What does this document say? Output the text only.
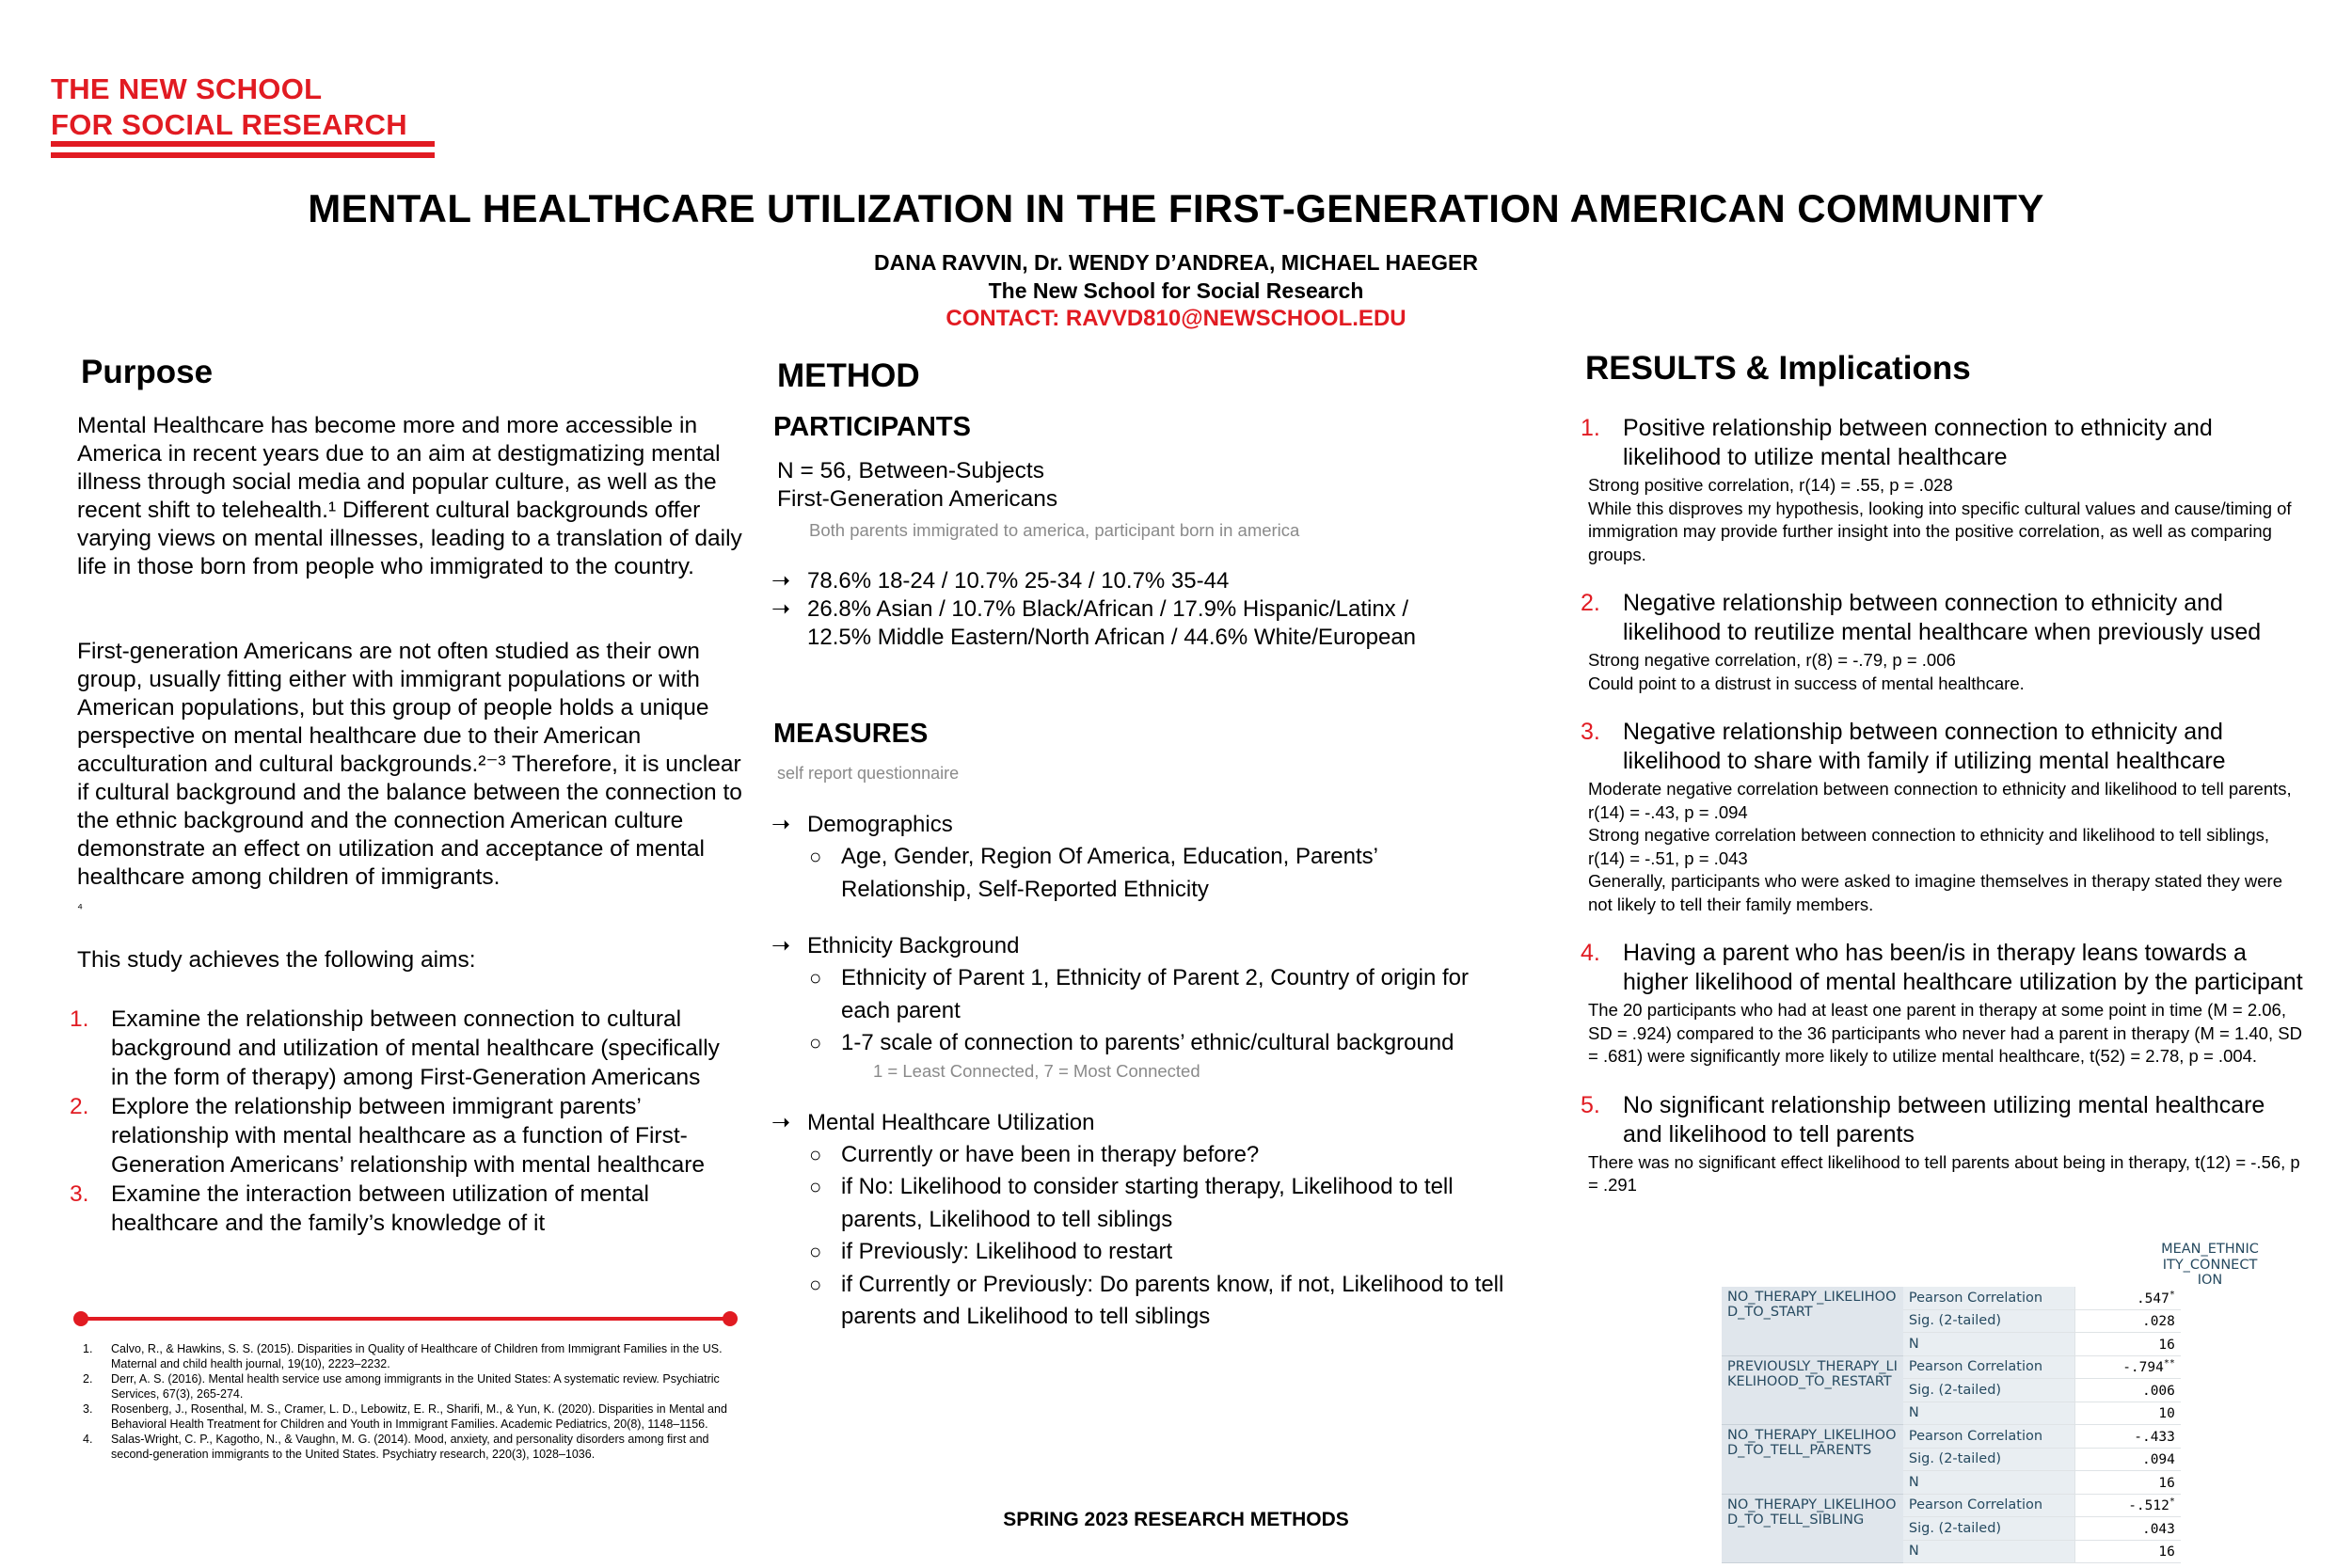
THE NEW SCHOOL
FOR SOCIAL RESEARCH
MENTAL HEALTHCARE UTILIZATION IN THE FIRST-GENERATION AMERICAN COMMUNITY
DANA RAVVIN, Dr. WENDY D’ANDREA, MICHAEL HAEGER
The New School for Social Research
CONTACT: RAVVD810@NEWSCHOOL.EDU
Purpose
Mental Healthcare has become more and more accessible in America in recent years due to an aim at destigmatizing mental illness through social media and popular culture, as well as the recent shift to telehealth.¹ Different cultural backgrounds offer varying views on mental illnesses, leading to a translation of daily life in those born from people who immigrated to the country.
First-generation Americans are not often studied as their own group, usually fitting either with immigrant populations or with American populations, but this group of people holds a unique perspective on mental healthcare due to their American acculturation and cultural backgrounds.²⁻³ Therefore, it is unclear if cultural background and the balance between the connection to the ethnic background and the connection American culture demonstrate an effect on utilization and acceptance of mental healthcare among children of immigrants.
⁴
This study achieves the following aims:
1. Examine the relationship between connection to cultural background and utilization of mental healthcare (specifically in the form of therapy) among First-Generation Americans
2. Explore the relationship between immigrant parents’ relationship with mental healthcare as a function of First-Generation Americans’ relationship with mental healthcare
3. Examine the interaction between utilization of mental healthcare and the family’s knowledge of it
1. Calvo, R., & Hawkins, S. S. (2015). Disparities in Quality of Healthcare of Children from Immigrant Families in the US. Maternal and child health journal, 19(10), 2223–2232.
2. Derr, A. S. (2016). Mental health service use among immigrants in the United States: A systematic review. Psychiatric Services, 67(3), 265-274.
3. Rosenberg, J., Rosenthal, M. S., Cramer, L. D., Lebowitz, E. R., Sharifi, M., & Yun, K. (2020). Disparities in Mental and Behavioral Health Treatment for Children and Youth in Immigrant Families. Academic Pediatrics, 20(8), 1148–1156.
4. Salas-Wright, C. P., Kagotho, N., & Vaughn, M. G. (2014). Mood, anxiety, and personality disorders among first and second-generation immigrants to the United States. Psychiatry research, 220(3), 1028–1036.
METHOD
PARTICIPANTS
N = 56, Between-Subjects
First-Generation Americans
Both parents immigrated to america, participant born in america
➝ 78.6% 18-24 / 10.7% 25-34 / 10.7% 35-44
➝ 26.8% Asian / 10.7% Black/African / 17.9% Hispanic/Latinx / 12.5% Middle Eastern/North African / 44.6% White/European
MEASURES
self report questionnaire
➝ Demographics
○ Age, Gender, Region Of America, Education, Parents’ Relationship, Self-Reported Ethnicity
➝ Ethnicity Background
○ Ethnicity of Parent 1, Ethnicity of Parent 2, Country of origin for each parent
○ 1-7 scale of connection to parents’ ethnic/cultural background
1 = Least Connected, 7 = Most Connected
➝ Mental Healthcare Utilization
○ Currently or have been in therapy before?
○ if No: Likelihood to consider starting therapy, Likelihood to tell parents, Likelihood to tell siblings
○ if Previously: Likelihood to restart
○ if Currently or Previously: Do parents know, if not, Likelihood to tell parents and Likelihood to tell siblings
RESULTS & Implications
1. Positive relationship between connection to ethnicity and likelihood to utilize mental healthcare
Strong positive correlation, r(14) = .55, p = .028
While this disproves my hypothesis, looking into specific cultural values and cause/timing of immigration may provide further insight into the positive correlation, as well as comparing groups.
2. Negative relationship between connection to ethnicity and likelihood to reutilize mental healthcare when previously used
Strong negative correlation, r(8) = -.79, p = .006
Could point to a distrust in success of mental healthcare.
3. Negative relationship between connection to ethnicity and likelihood to share with family if utilizing mental healthcare
Moderate negative correlation between connection to ethnicity and likelihood to tell parents, r(14) = -.43, p = .094
Strong negative correlation between connection to ethnicity and likelihood to tell siblings, r(14) = -.51, p = .043
Generally, participants who were asked to imagine themselves in therapy stated they were not likely to tell their family members.
4. Having a parent who has been/is in therapy leans towards a higher likelihood of mental healthcare utilization by the participant
The 20 participants who had at least one parent in therapy at some point in time (M = 2.06, SD = .924) compared to the 36 participants who never had a parent in therapy (M = 1.40, SD = .681) were significantly more likely to utilize mental healthcare, t(52) = 2.78, p = .004.
5. No significant relationship between utilizing mental healthcare and likelihood to tell parents
There was no significant effect likelihood to tell parents about being in therapy, t(12) = -.56, p = .291
MEAN_ETHNIC ITY_CONNECT ION
NO_THERAPY_LIKELIHOO D_TO_START	Pearson Correlation	.547*
	Sig. (2-tailed)	.028
	N	16
PREVIOUSLY_THERAPY_LI KELIHOOD_TO_RESTART	Pearson Correlation	-.794**
	Sig. (2-tailed)	.006
	N	10
NO_THERAPY_LIKELIHOO D_TO_TELL_PARENTS	Pearson Correlation	-.433
	Sig. (2-tailed)	.094
	N	16
NO_THERAPY_LIKELIHOO D_TO_TELL_SIBLING	Pearson Correlation	-.512*
	Sig. (2-tailed)	.043
	N	16
SPRING 2023 RESEARCH METHODS
